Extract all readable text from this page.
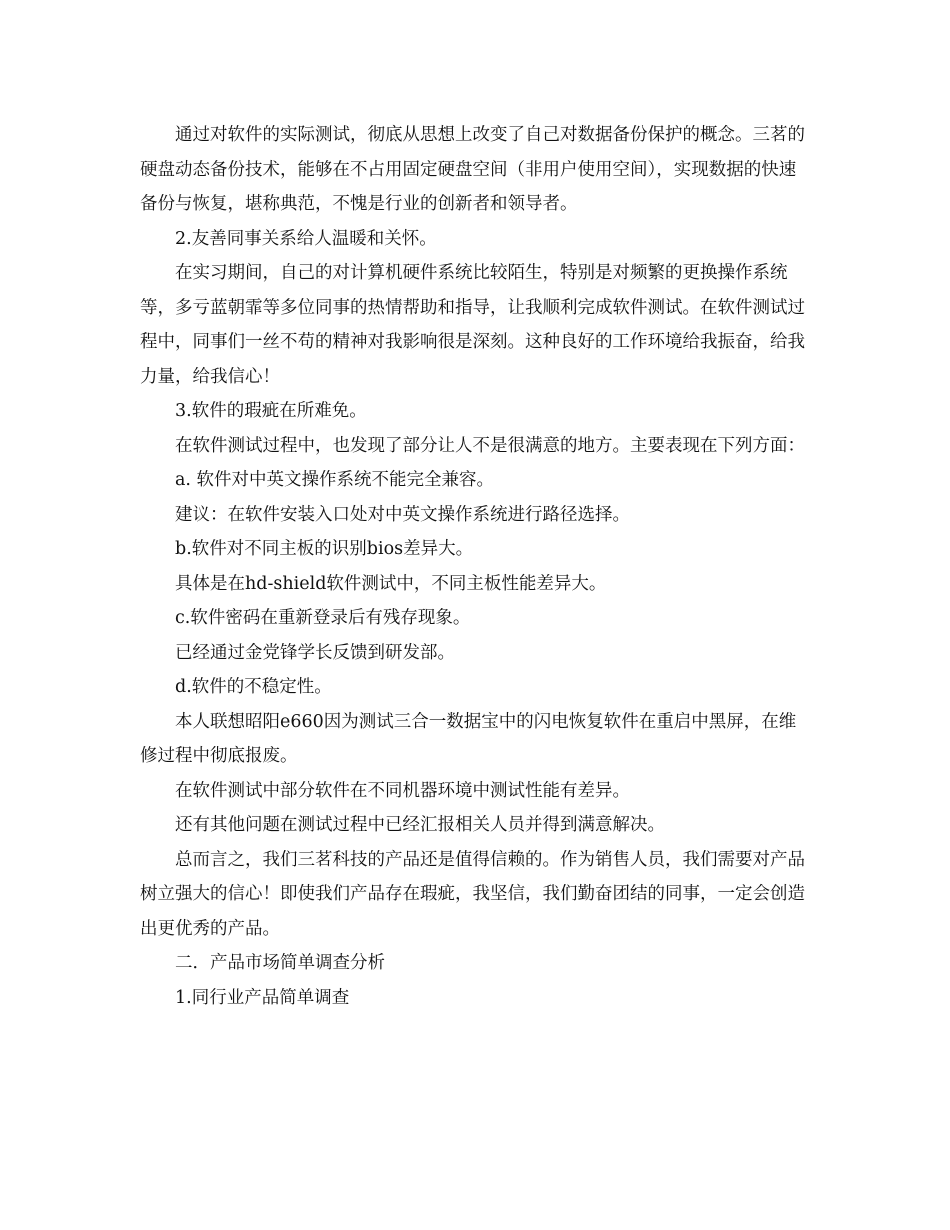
通过对软件的实际测试，彻底从思想上改变了自己对数据备份保护的概念。三茗的硬盘动态备份技术，能够在不占用固定硬盘空间（非用户使用空间），实现数据的快速备份与恢复，堪称典范，不愧是行业的创新者和领导者。

2.友善同事关系给人温暖和关怀。

在实习期间，自己的对计算机硬件系统比较陌生，特别是对频繁的更换操作系统等，多亏蓝朝霏等多位同事的热情帮助和指导，让我顺利完成软件测试。在软件测试过程中，同事们一丝不苟的精神对我影响很是深刻。这种良好的工作环境给我振奋，给我力量，给我信心！

3.软件的瑕疵在所难免。

在软件测试过程中，也发现了部分让人不是很满意的地方。主要表现在下列方面：

a. 软件对中英文操作系统不能完全兼容。

建议：在软件安装入口处对中英文操作系统进行路径选择。

b.软件对不同主板的识别bios差异大。

具体是在hd-shield软件测试中，不同主板性能差异大。

c.软件密码在重新登录后有残存现象。

已经通过金党锋学长反馈到研发部。

d.软件的不稳定性。

本人联想昭阳e660因为测试三合一数据宝中的闪电恢复软件在重启中黑屏，在维修过程中彻底报废。

在软件测试中部分软件在不同机器环境中测试性能有差异。

还有其他问题在测试过程中已经汇报相关人员并得到满意解决。

总而言之，我们三茗科技的产品还是值得信赖的。作为销售人员，我们需要对产品树立强大的信心！即使我们产品存在瑕疵，我坚信，我们勤奋团结的同事，一定会创造出更优秀的产品。

二．产品市场简单调查分析

1.同行业产品简单调查
